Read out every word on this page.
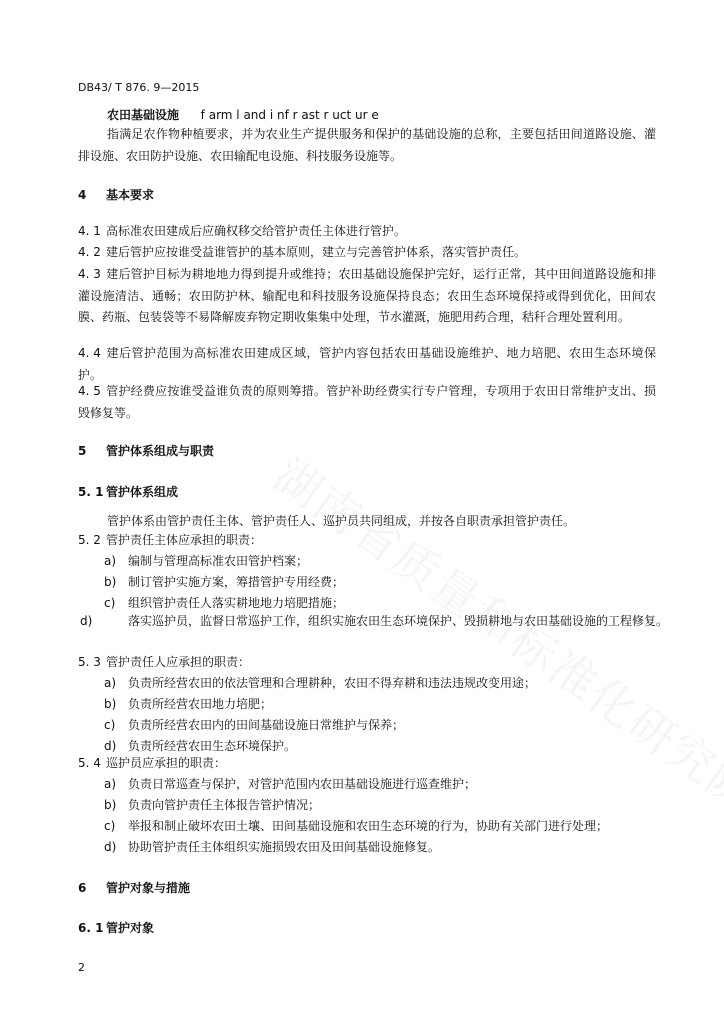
DB43/ T 876. 9—2015
农田基础设施 f arm l and i nf r ast r uct ur e
指满足农作物种植要求，并为农业生产提供服务和保护的基础设施的总称，主要包括田间道路设施、灌排设施、农田防护设施、农田输配电设施、科技服务设施等。
4 基本要求
4. 1 高标准农田建成后应确权移交给管护责任主体进行管护。
4. 2 建后管护应按谁受益谁管护的基本原则，建立与完善管护体系，落实管护责任。
4. 3 建后管护目标为耕地地力得到提升或维持；农田基础设施保护完好，运行正常，其中田间道路设施和排灌设施清洁、通畅；农田防护林、输配电和科技服务设施保持良态；农田生态环境保持或得到优化，田间农膜、药瓶、包装袋等不易降解废弃物定期收集集中处理，节水灌溉，施肥用药合理，秸秆合理处置利用。
4. 4 建后管护范围为高标准农田建成区域，管护内容包括农田基础设施维护、地力培肥、农田生态环境保护。
4. 5 管护经费应按谁受益谁负责的原则筹措。管护补助经费实行专户管理，专项用于农田日常维护支出、损毁修复等。
5 管护体系组成与职责
5. 1 管护体系组成
管护体系由管护责任主体、管护责任人、巡护员共同组成，并按各自职责承担管护责任。
5. 2 管护责任主体应承担的职责：
a) 编制与管理高标准农田管护档案；
b) 制订管护实施方案，筹措管护专用经费；
c) 组织管护责任人落实耕地地力培肥措施；
d)	落实巡护员，监督日常巡护工作，组织实施农田生态环境保护、毁损耕地与农田基础设施的工程修复。
5. 3 管护责任人应承担的职责：
a) 负责所经营农田的依法管理和合理耕种，农田不得弃耕和违法违规改变用途；
b) 负责所经营农田地力培肥；
c) 负责所经营农田内的田间基础设施日常维护与保养；
d) 负责所经营农田生态环境保护。
5. 4 巡护员应承担的职责：
a) 负责日常巡查与保护，对管护范围内农田基础设施进行巡查维护；
b) 负责向管护责任主体报告管护情况；
c) 举报和制止破坏农田土壤、田间基础设施和农田生态环境的行为，协助有关部门进行处理；
d) 协助管护责任主体组织实施损毁农田及田间基础设施修复。
6 管护对象与措施
6. 1 管护对象
2
